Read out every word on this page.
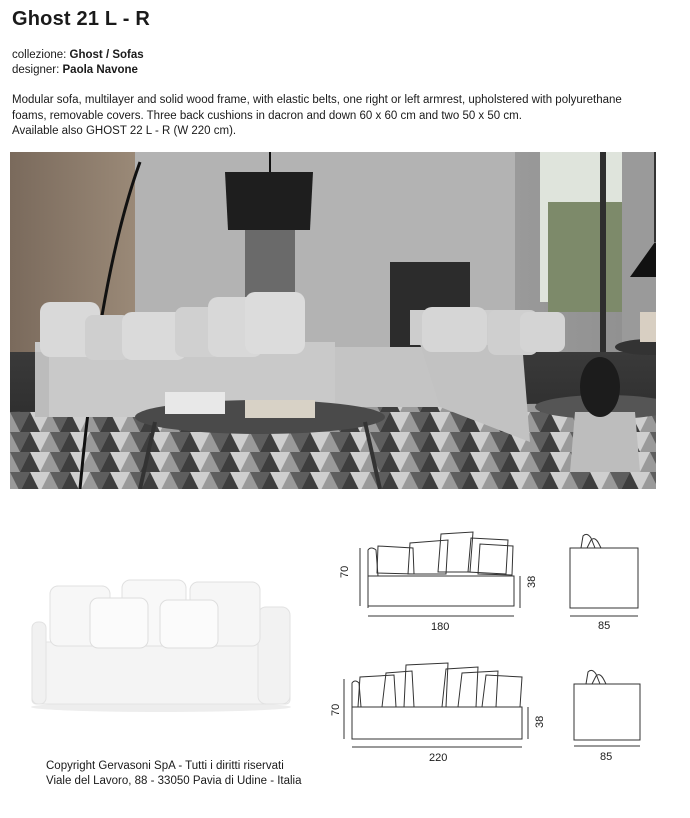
Ghost 21 L - R
collezione: Ghost / Sofas
designer: Paola Navone
Modular sofa, multilayer and solid wood frame, with elastic belts, one right or left armrest, upholstered with polyurethane
foams, removable covers. Three back cushions in dacron and down 60 x 60 cm and two 50 x 50 cm.
Available also GHOST 22 L - R (W 220 cm).
70
38
180	85
70
38
220	85
Copyright Gervasoni SpA - Tutti i diritti riservati
Viale del Lavoro, 88 - 33050 Pavia di Udine - Italia
